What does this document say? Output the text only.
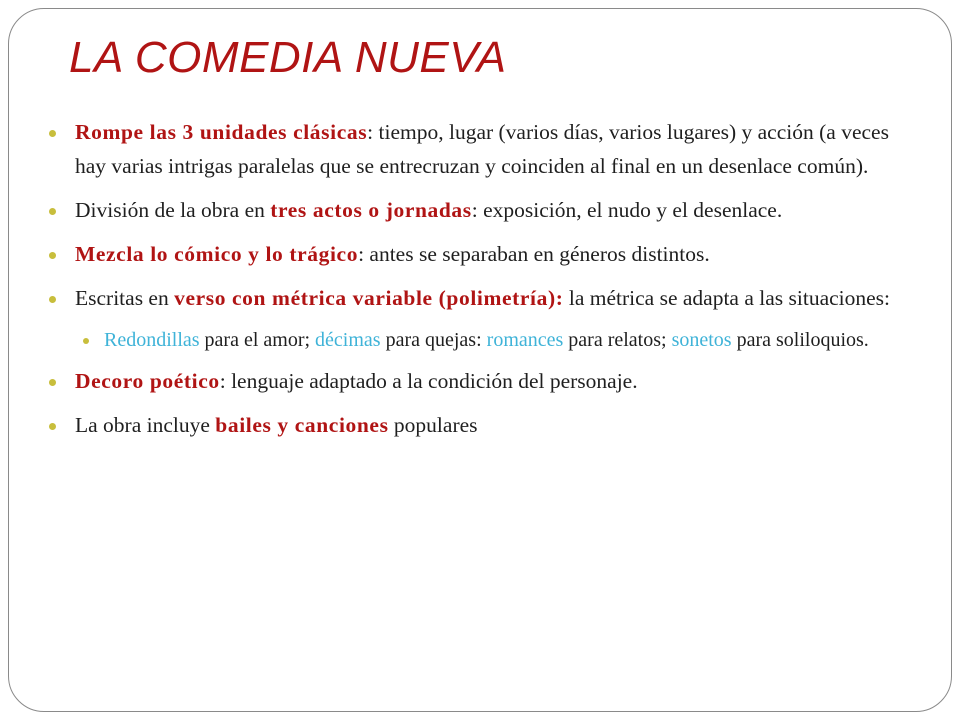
LA COMEDIA NUEVA
Rompe las 3 unidades clásicas: tiempo, lugar (varios días, varios lugares) y acción (a veces hay varias intrigas paralelas que se entrecruzan y coinciden al final en un desenlace común).
División de la obra en tres actos o jornadas: exposición, el nudo y el desenlace.
Mezcla lo cómico y lo trágico: antes se separaban en géneros distintos.
Escritas en verso con métrica variable (polimetría): la métrica se adapta a las situaciones:
Redondillas para el amor; décimas para quejas: romances para relatos; sonetos para soliloquios.
Decoro poético: lenguaje adaptado a la condición del personaje.
La obra incluye bailes y canciones populares
